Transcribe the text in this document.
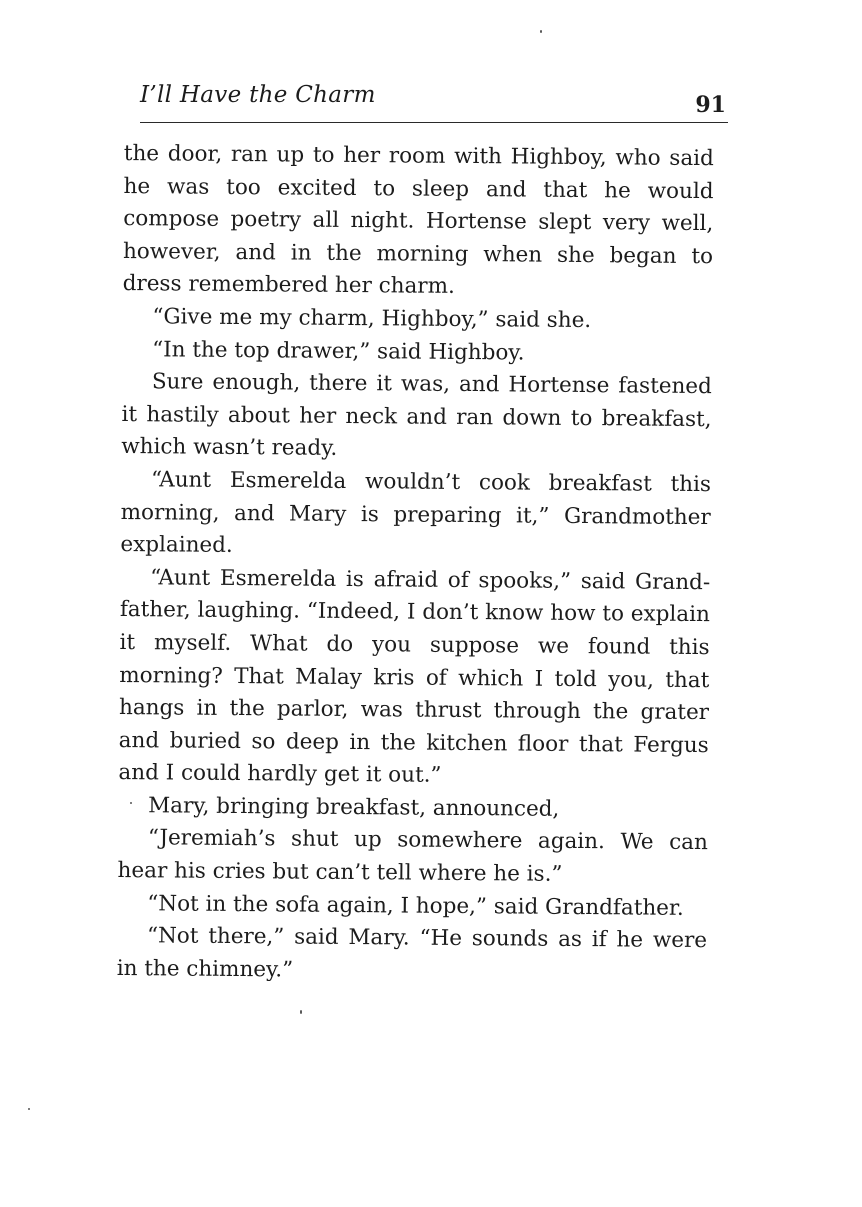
I’ll Have the Charm	91

the door, ran up to her room with Highboy, who said he was too excited to sleep and that he would compose poetry all night. Hortense slept very well, however, and in the morning when she began to dress remembered her charm.

“Give me my charm, Highboy,” said she.

“In the top drawer,” said Highboy.

Sure enough, there it was, and Hortense fastened it hastily about her neck and ran down to breakfast, which wasn’t ready.

“Aunt Esmerelda wouldn’t cook breakfast this morning, and Mary is preparing it,” Grandmother explained.

“Aunt Esmerelda is afraid of spooks,” said Grandfather, laughing. “Indeed, I don’t know how to explain it myself. What do you suppose we found this morning? That Malay kris of which I told you, that hangs in the parlor, was thrust through the grater and buried so deep in the kitchen floor that Fergus and I could hardly get it out.”

Mary, bringing breakfast, announced,

“Jeremiah’s shut up somewhere again. We can hear his cries but can’t tell where he is.”

“Not in the sofa again, I hope,” said Grandfather.

“Not there,” said Mary. “He sounds as if he were in the chimney.”
